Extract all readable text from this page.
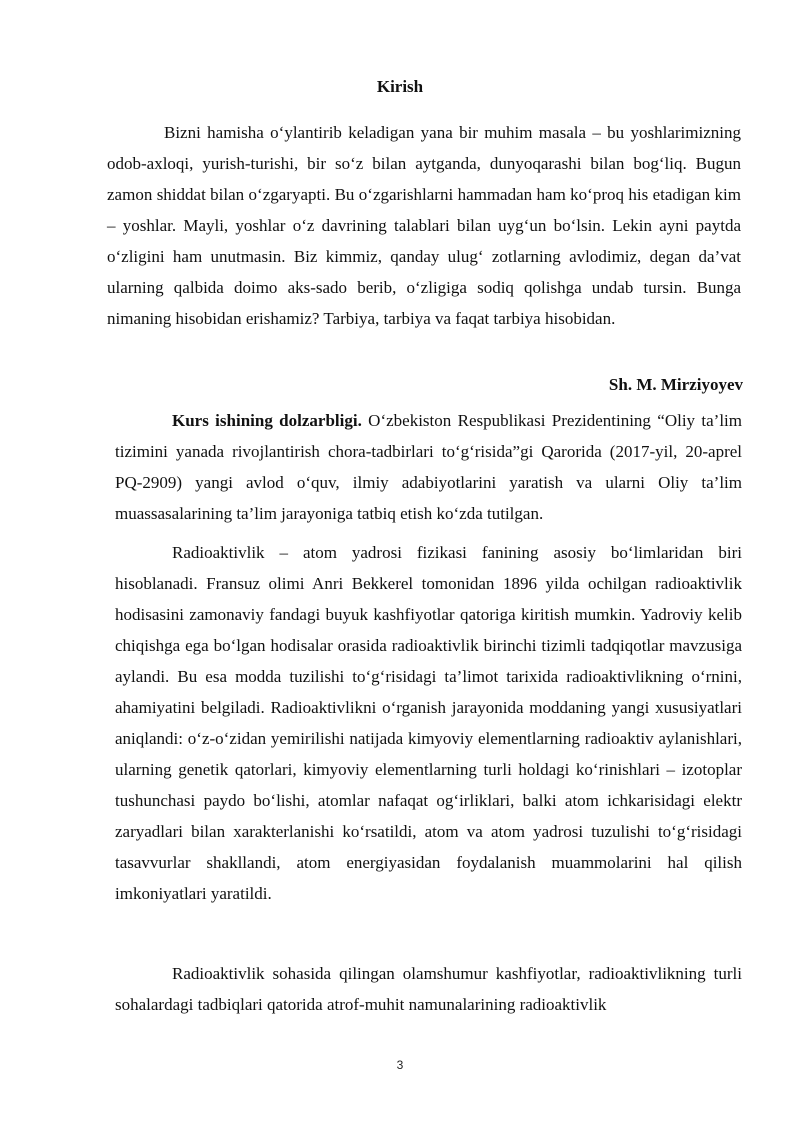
Kirish

Bizni hamisha o‘ylantirib keladigan yana bir muhim masala – bu yoshlarimizning odob-axloqi, yurish-turishi, bir so‘z bilan aytganda, dunyoqarashi bilan bog‘liq. Bugun zamon shiddat bilan o‘zgaryapti. Bu o‘zgarishlarni hammadan ham ko‘proq his etadigan kim – yoshlar. Mayli, yoshlar o‘z davrining talablari bilan uyg‘un bo‘lsin. Lekin ayni paytda o‘zligini ham unutmasin. Biz kimmiz, qanday ulug‘ zotlarning avlodimiz, degan da’vat ularning qalbida doimo aks-sado berib, o‘zligiga sodiq qolishga undab tursin. Bunga nimaning hisobidan erishamiz? Tarbiya, tarbiya va faqat tarbiya hisobidan.

Sh. M. Mirziyoyev

Kurs ishining dolzarbligi. O‘zbekiston Respublikasi Prezidentining “Oliy ta’lim tizimini yanada rivojlantirish chora-tadbirlari to‘g‘risida”gi Qarorida (2017-yil, 20-aprel PQ-2909) yangi avlod o‘quv, ilmiy adabiyotlarini yaratish va ularni Oliy ta’lim muassasalarining ta’lim jarayoniga tatbiq etish ko‘zda tutilgan.

Radioaktivlik – atom yadrosi fizikasi fanining asosiy bo‘limlaridan biri hisoblanadi. Fransuz olimi Anri Bekkerel tomonidan 1896 yilda ochilgan radioaktivlik hodisasini zamonaviy fandagi buyuk kashfiyotlar qatoriga kiritish mumkin. Yadroviy kelib chiqishga ega bo‘lgan hodisalar orasida radioaktivlik birinchi tizimli tadqiqotlar mavzusiga aylandi. Bu esa modda tuzilishi to‘g‘risidagi ta’limot tarixida radioaktivlikning o‘rnini, ahamiyatini belgiladi. Radioaktivlikni o‘rganish jarayonida moddaning yangi xususiyatlari aniqlandi: o‘z-o‘zidan yemirilishi natijada kimyoviy elementlarning radioaktiv aylanishlari, ularning genetik qatorlari, kimyoviy elementlarning turli holdagi ko‘rinishlari – izotoplar tushunchasi paydo bo‘lishi, atomlar nafaqat og‘irliklari, balki atom ichkarisidagi elektr zaryadlari bilan xarakterlanishi ko‘rsatildi, atom va atom yadrosi tuzulishi to‘g‘risidagi tasavvurlar shakllandi, atom energiyasidan foydalanish muammolarini hal qilish imkoniyatlari yaratildi.

Radioaktivlik sohasida qilingan olamshumur kashfiyotlar, radioaktivlikning turli sohalardagi tadbiqlari qatorida atrof-muhit namunalarining radioaktivlik

3
